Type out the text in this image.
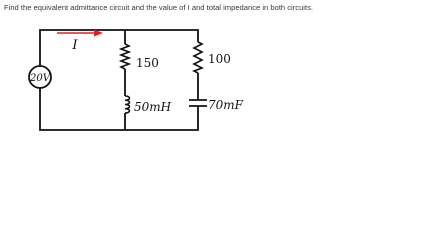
Find the equivalent admittance circuit and the value of I and total impedance in both circuits.

I
20V
150
50mH
100
70mF
